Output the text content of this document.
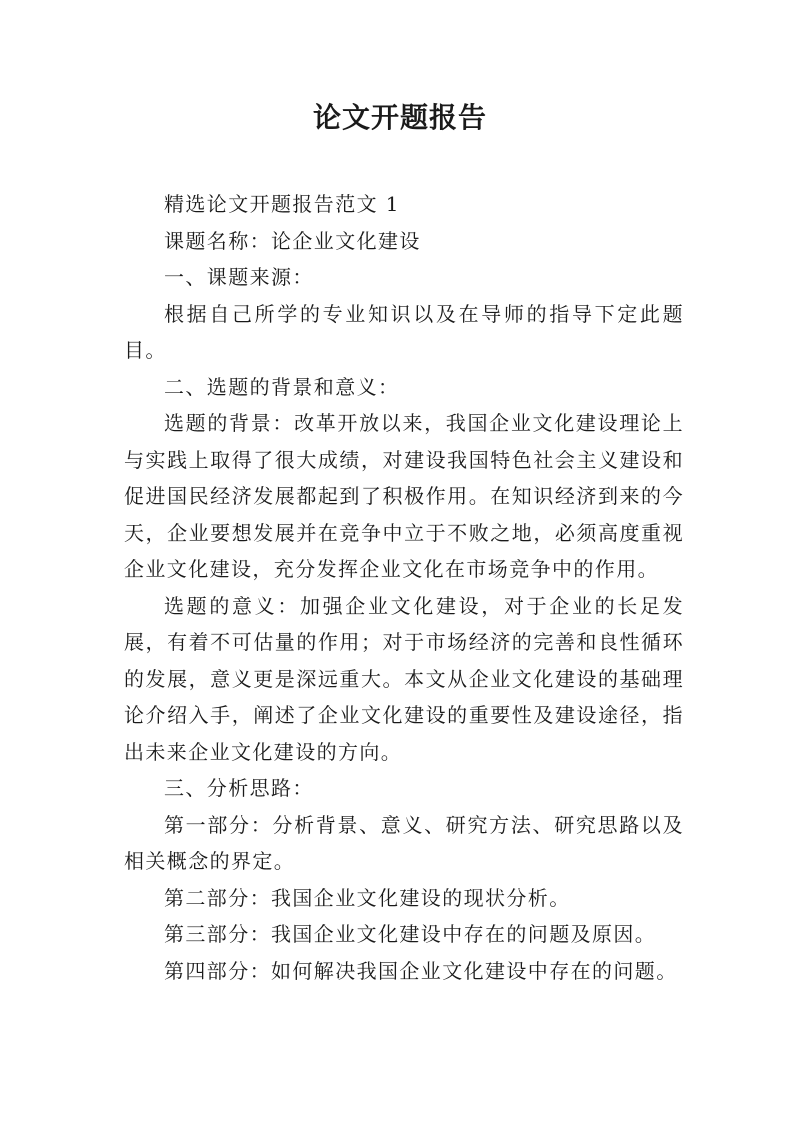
论文开题报告

精选论文开题报告范文 1

课题名称：论企业文化建设

一、课题来源：

根据自己所学的专业知识以及在导师的指导下定此题目。

二、选题的背景和意义：

选题的背景：改革开放以来，我国企业文化建设理论上与实践上取得了很大成绩，对建设我国特色社会主义建设和促进国民经济发展都起到了积极作用。在知识经济到来的今天，企业要想发展并在竞争中立于不败之地，必须高度重视企业文化建设，充分发挥企业文化在市场竞争中的作用。

选题的意义：加强企业文化建设，对于企业的长足发展，有着不可估量的作用；对于市场经济的完善和良性循环的发展，意义更是深远重大。本文从企业文化建设的基础理论介绍入手，阐述了企业文化建设的重要性及建设途径，指出未来企业文化建设的方向。

三、分析思路：

第一部分：分析背景、意义、研究方法、研究思路以及相关概念的界定。

第二部分：我国企业文化建设的现状分析。

第三部分：我国企业文化建设中存在的问题及原因。

第四部分：如何解决我国企业文化建设中存在的问题。
